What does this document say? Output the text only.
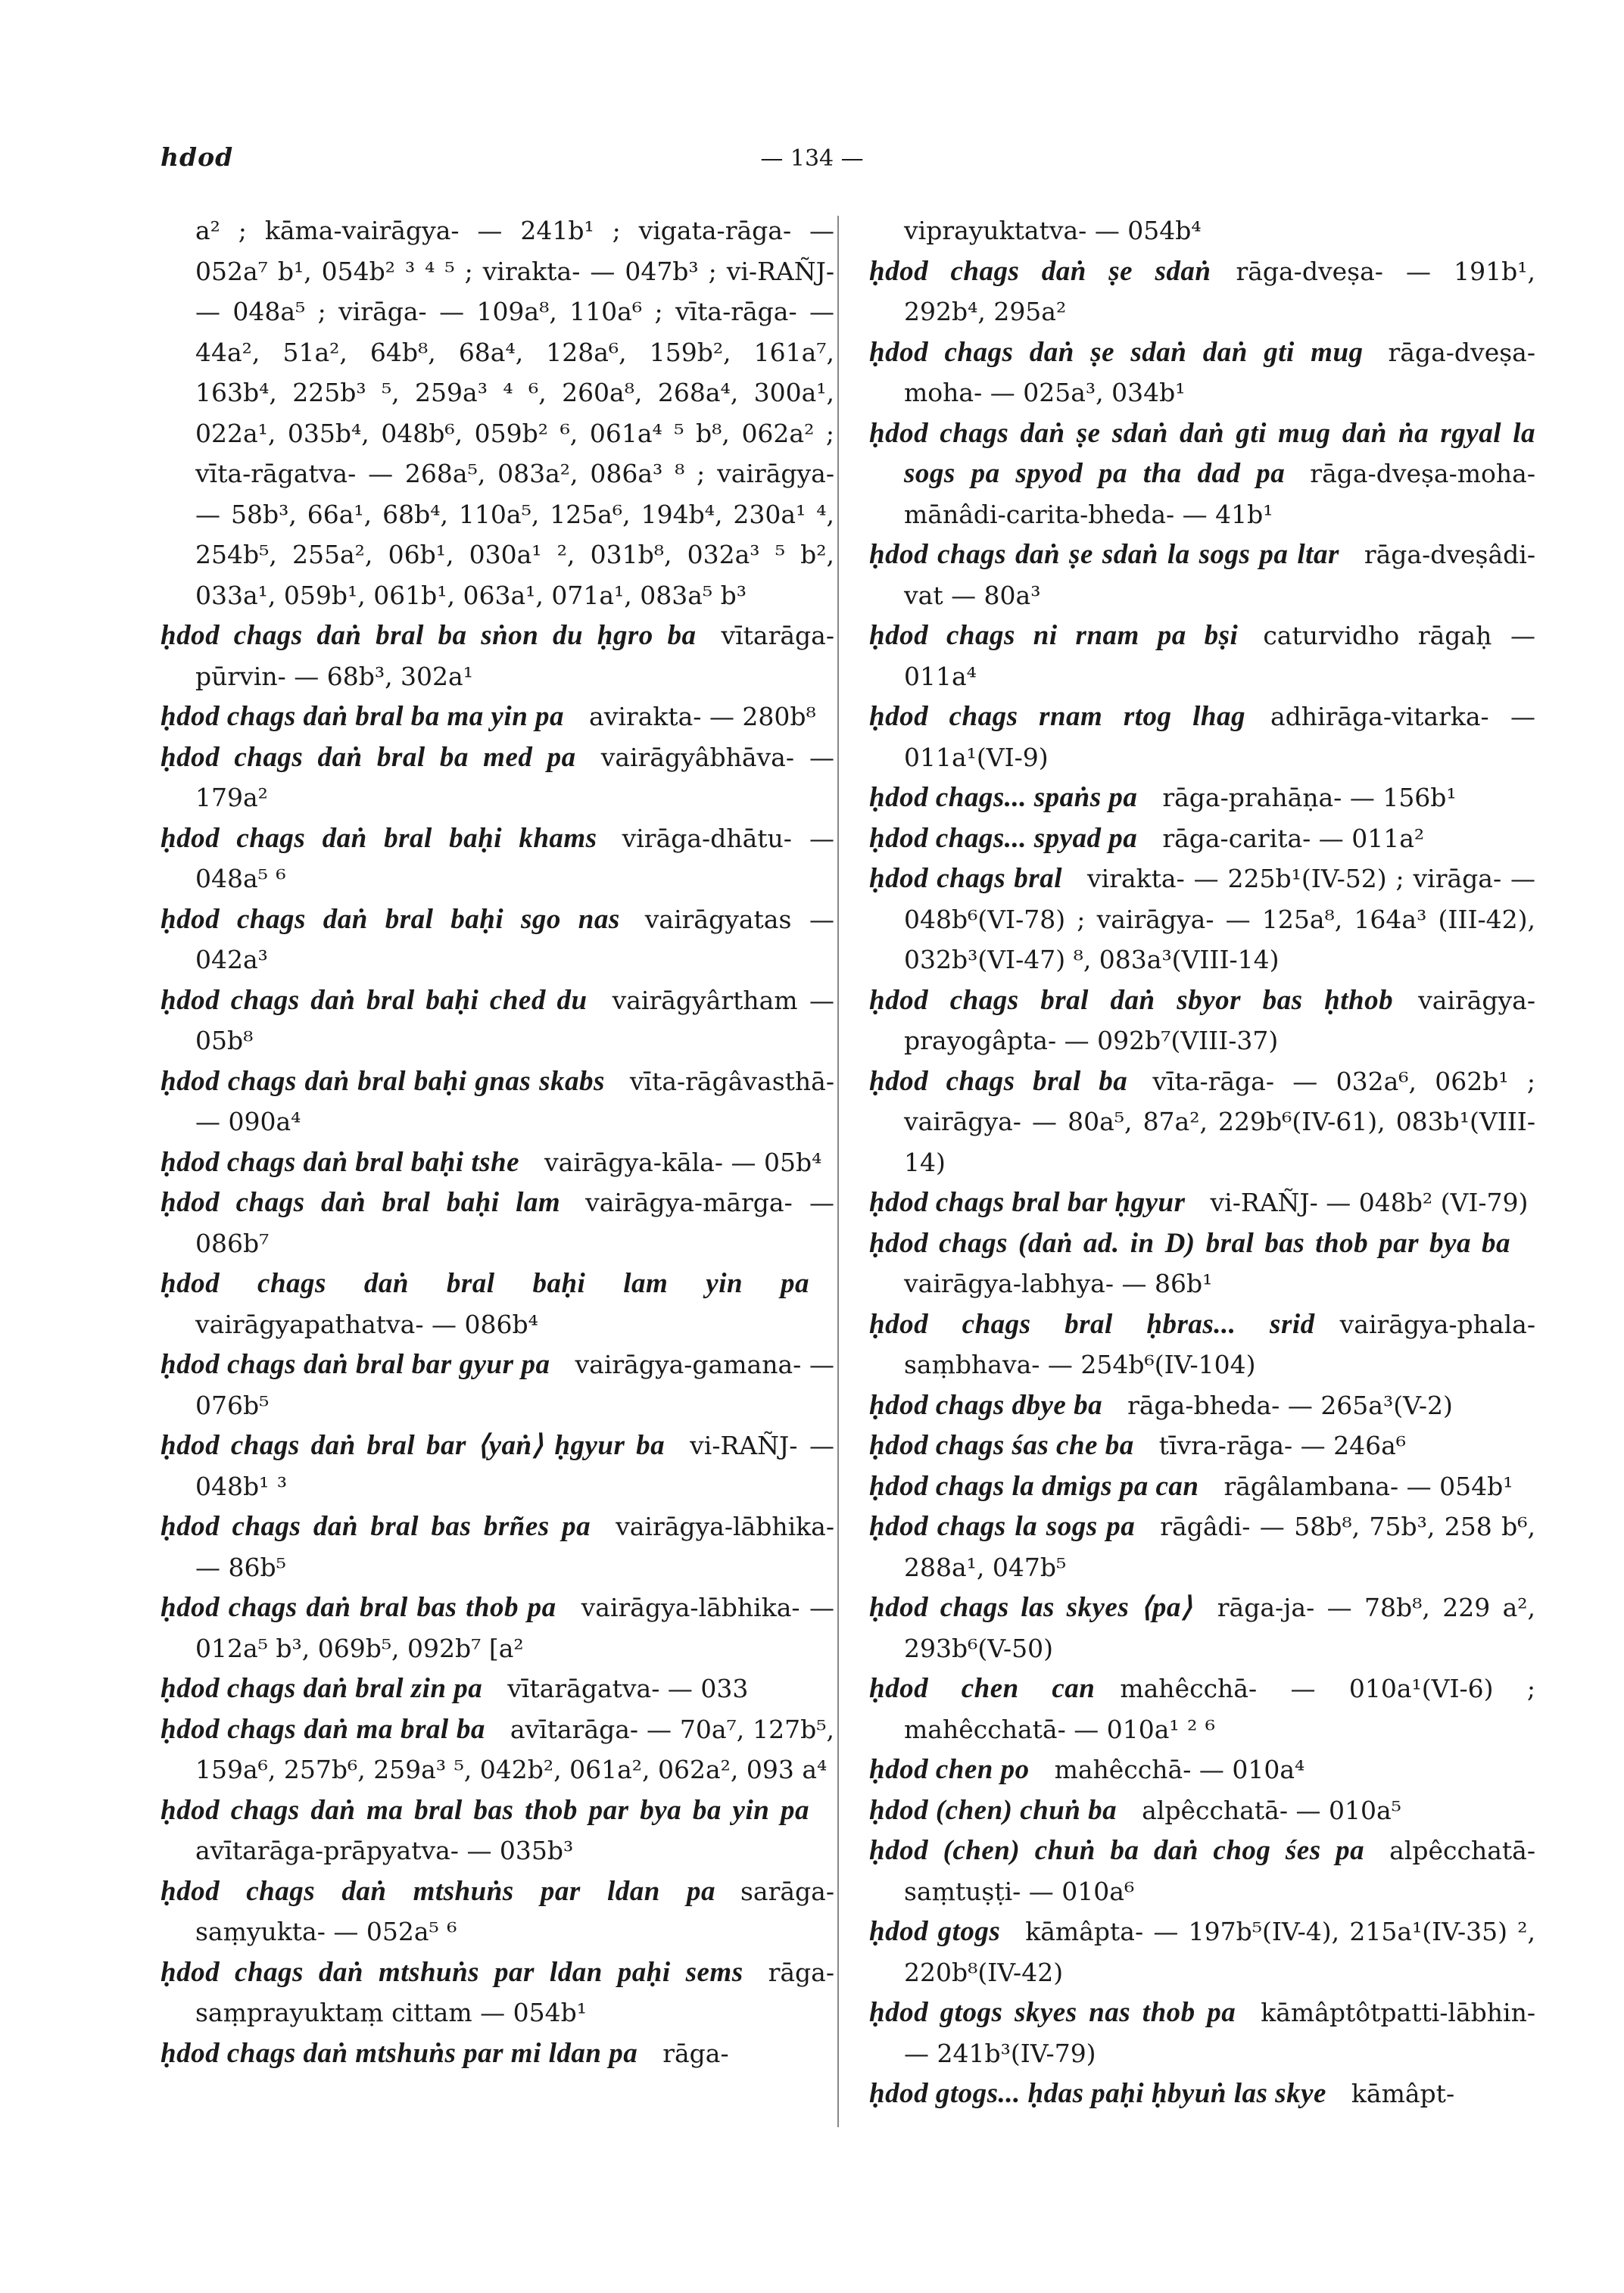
hdod	— 134 —

a² ; kāma-vairāgya- — 241b¹ ; vigata-rāga- — 052a⁷ b¹, 054b² ³ ⁴ ⁵ ; virakta- — 047b³ ; vi-RAÑJ- — 048a⁵ ; virāga- — 109a⁸, 110a⁶ ; vīta-rāga- — 44a², 51a², 64b⁸, 68a⁴, 128a⁶, 159b², 161a⁷, 163b⁴, 225b³ ⁵, 259a³ ⁴ ⁶, 260a⁸, 268a⁴, 300a¹, 022a¹, 035b⁴, 048b⁶, 059b² ⁶, 061a⁴ ⁵ b⁸, 062a² ; vīta-rāgatva- — 268a⁵, 083a², 086a³ ⁸ ; vairāgya- — 58b³, 66a¹, 68b⁴, 110a⁵, 125a⁶, 194b⁴, 230a¹ ⁴, 254b⁵, 255a², 06b¹, 030a¹ ², 031b⁸, 032a³ ⁵ b², 033a¹, 059b¹, 061b¹, 063a¹, 071a¹, 083a⁵ b³

ḥdod chags daṅ bral ba sṅon du ḥgro ba  vītarāga-pūrvin- — 68b³, 302a¹

ḥdod chags daṅ bral ba ma yin pa  avirakta- — 280b⁸

ḥdod chags daṅ bral ba med pa  vairāgyâbhāva- — 179a²

ḥdod chags daṅ bral baḥi khams  virāga-dhātu- — 048a⁵ ⁶

ḥdod chags daṅ bral baḥi sgo nas  vairāgyatas — 042a³

ḥdod chags daṅ bral baḥi ched du  vairāgyârtham — 05b⁸

ḥdod chags daṅ bral baḥi gnas skabs  vīta-rāgâvasthā- — 090a⁴

ḥdod chags daṅ bral baḥi tshe  vairāgya-kāla- — 05b⁴

ḥdod chags daṅ bral baḥi lam  vairāgya-mārga- — 086b⁷

ḥdod chags daṅ bral baḥi lam yin pa vairāgyapathatva- — 086b⁴

ḥdod chags daṅ bral bar gyur pa  vairāgya-gamana- — 076b⁵

ḥdod chags daṅ bral bar ⟨yaṅ⟩ ḥgyur ba  vi-RAÑJ- — 048b¹ ³

ḥdod chags daṅ bral bas brñes pa  vairāgya-lābhika- — 86b⁵

ḥdod chags daṅ bral bas thob pa  vairāgya-lābhika- — 012a⁵ b³, 069b⁵, 092b⁷ [a²

ḥdod chags daṅ bral zin pa  vītarāgatva- — 033

ḥdod chags daṅ ma bral ba  avītarāga- — 70a⁷, 127b⁵, 159a⁶, 257b⁶, 259a³ ⁵, 042b², 061a², 062a², 093 a⁴

ḥdod chags daṅ ma bral bas thob par bya ba yin pa avītarāga-prāpyatva- — 035b³

ḥdod chags daṅ mtshuṅs par ldan pa  sarāga-saṃyukta- — 052a⁵ ⁶

ḥdod chags daṅ mtshuṅs par ldan paḥi sems  rāga-saṃprayuktaṃ cittam — 054b¹

ḥdod chags daṅ mtshuṅs par mi ldan pa  rāga-

viprayuktatva- — 054b⁴

ḥdod chags daṅ ṣe sdaṅ  rāga-dveṣa- — 191b¹, 292b⁴, 295a²

ḥdod chags daṅ ṣe sdaṅ daṅ gti mug  rāga-dveṣa-moha- — 025a³, 034b¹

ḥdod chags daṅ ṣe sdaṅ daṅ gti mug daṅ ṅa rgyal la sogs pa spyod pa tha dad pa  rāga-dveṣa-moha-mānâdi-carita-bheda- — 41b¹

ḥdod chags daṅ ṣe sdaṅ la sogs pa ltar  rāga-dveṣâdi-vat — 80a³

ḥdod chags ni rnam pa bṣi  caturvidho rāgaḥ — 011a⁴

ḥdod chags rnam rtog lhag  adhirāga-vitarka- — 011a¹(VI-9)

ḥdod chags... spaṅs pa  rāga-prahāṇa- — 156b¹

ḥdod chags... spyad pa  rāga-carita- — 011a²

ḥdod chags bral  virakta- — 225b¹(IV-52) ; virāga- — 048b⁶(VI-78) ; vairāgya- — 125a⁸, 164a³ (III-42), 032b³(VI-47) ⁸, 083a³(VIII-14)

ḥdod chags bral daṅ sbyor bas ḥthob  vairāgya-prayogâpta- — 092b⁷(VIII-37)

ḥdod chags bral ba  vīta-rāga- — 032a⁶, 062b¹ ; vairāgya- — 80a⁵, 87a², 229b⁶(IV-61), 083b¹(VIII-14)

ḥdod chags bral bar ḥgyur  vi-RAÑJ- — 048b² (VI-79)

ḥdod chags (daṅ ad. in D) bral bas thob par bya ba vairāgya-labhya- — 86b¹

ḥdod chags bral ḥbras... srid  vairāgya-phala-saṃbhava- — 254b⁶(IV-104)

ḥdod chags dbye ba  rāga-bheda- — 265a³(V-2)

ḥdod chags śas che ba  tīvra-rāga- — 246a⁶

ḥdod chags la dmigs pa can  rāgâlambana- — 054b¹

ḥdod chags la sogs pa  rāgâdi- — 58b⁸, 75b³, 258 b⁶, 288a¹, 047b⁵

ḥdod chags las skyes ⟨pa⟩  rāga-ja- — 78b⁸, 229 a², 293b⁶(V-50)

ḥdod chen can  mahêcchā- — 010a¹(VI-6) ; mahêcchatā- — 010a¹ ² ⁶

ḥdod chen po  mahêcchā- — 010a⁴

ḥdod (chen) chuṅ ba  alpêcchatā- — 010a⁵

ḥdod (chen) chuṅ ba daṅ chog śes pa  alpêcchatā-saṃtuṣṭi- — 010a⁶

ḥdod gtogs  kāmâpta- — 197b⁵(IV-4), 215a¹(IV-35) ², 220b⁸(IV-42)

ḥdod gtogs skyes nas thob pa  kāmâptôtpatti-lābhin- — 241b³(IV-79)

ḥdod gtogs... ḥdas paḥi ḥbyuṅ las skye  kāmâpt-
